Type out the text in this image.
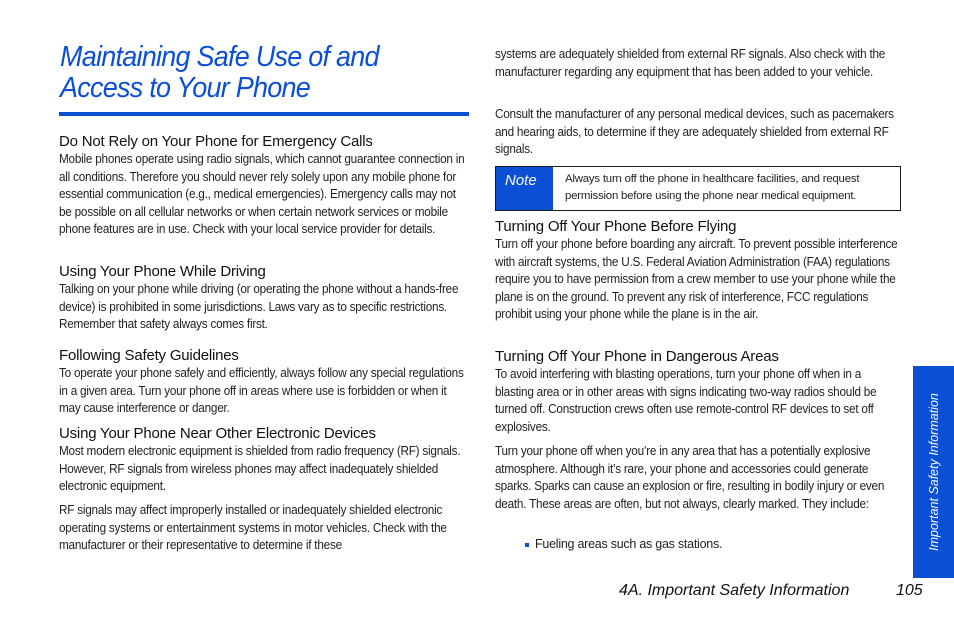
Maintaining Safe Use of and Access to Your Phone
Do Not Rely on Your Phone for Emergency Calls

Mobile phones operate using radio signals, which cannot guarantee connection in all conditions. Therefore you should never rely solely upon any mobile phone for essential communication (e.g., medical emergencies). Emergency calls may not be possible on all cellular networks or when certain network services or mobile phone features are in use. Check with your local service provider for details.

Using Your Phone While Driving

Talking on your phone while driving (or operating the phone without a hands-free device) is prohibited in some jurisdictions. Laws vary as to specific restrictions. Remember that safety always comes first.

Following Safety Guidelines

To operate your phone safely and efficiently, always follow any special regulations in a given area. Turn your phone off in areas where use is forbidden or when it may cause interference or danger.

Using Your Phone Near Other Electronic Devices

Most modern electronic equipment is shielded from radio frequency (RF) signals. However, RF signals from wireless phones may affect inadequately shielded electronic equipment.

RF signals may affect improperly installed or inadequately shielded electronic operating systems or entertainment systems in motor vehicles. Check with the manufacturer or their representative to determine if these

systems are adequately shielded from external RF signals. Also check with the manufacturer regarding any equipment that has been added to your vehicle.

Consult the manufacturer of any personal medical devices, such as pacemakers and hearing aids, to determine if they are adequately shielded from external RF signals.

Note	Always turn off the phone in healthcare facilities, and request permission before using the phone near medical equipment.
Turning Off Your Phone Before Flying

Turn off your phone before boarding any aircraft. To prevent possible interference with aircraft systems, the U.S. Federal Aviation Administration (FAA) regulations require you to have permission from a crew member to use your phone while the plane is on the ground. To prevent any risk of interference, FCC regulations prohibit using your phone while the plane is in the air.

Turning Off Your Phone in Dangerous Areas

To avoid interfering with blasting operations, turn your phone off when in a blasting area or in other areas with signs indicating two-way radios should be turned off. Construction crews often use remote-control RF devices to set off explosives.

Turn your phone off when you’re in any area that has a potentially explosive atmosphere. Although it’s rare, your phone and accessories could generate sparks. Sparks can cause an explosion or fire, resulting in bodily injury or even death. These areas are often, but not always, clearly marked. They include:

Fueling areas such as gas stations.	Important Safety Information
4A. Important Safety Information	105
